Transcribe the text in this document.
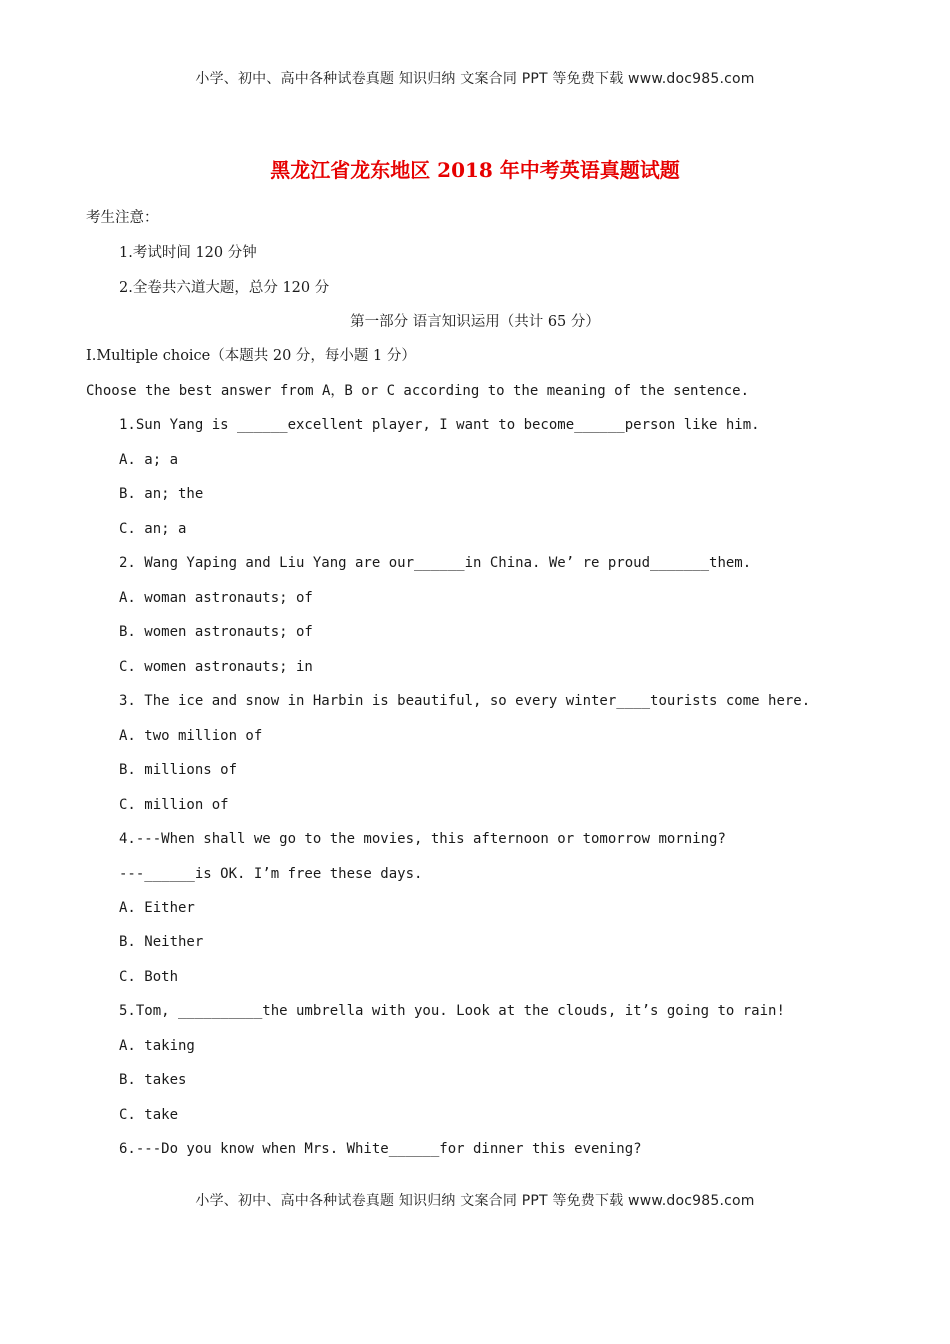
小学、初中、高中各种试卷真题 知识归纳 文案合同 PPT 等免费下载 www.doc985.com
黑龙江省龙东地区 2018 年中考英语真题试题
考生注意：
1.考试时间 120 分钟
2.全卷共六道大题，总分 120 分
第一部分 语言知识运用（共计 65 分）
Ⅰ.Multiple choice（本题共 20 分，每小题 1 分）
Choose the best answer from A，B or C according to the meaning of the sentence.
1.Sun Yang is ______excellent player, I want to become______person like him.
A. a; a
B. an; the
C. an; a
2. Wang Yaping and Liu Yang are our______in China. We’ re proud_______them.
A. woman astronauts; of
B. women astronauts; of
C. women astronauts; in
3. The ice and snow in Harbin is beautiful, so every winter____tourists come here.
A. two million of
B. millions of
C. million of
4.---When shall we go to the movies, this afternoon or tomorrow morning?
---______is OK. I’m free these days.
A. Either
B. Neither
C. Both
5.Tom, __________the umbrella with you. Look at the clouds, it’s going to rain!
A. taking
B. takes
C. take
6.---Do you know when Mrs. White______for dinner this evening?
小学、初中、高中各种试卷真题 知识归纳 文案合同 PPT 等免费下载 www.doc985.com
